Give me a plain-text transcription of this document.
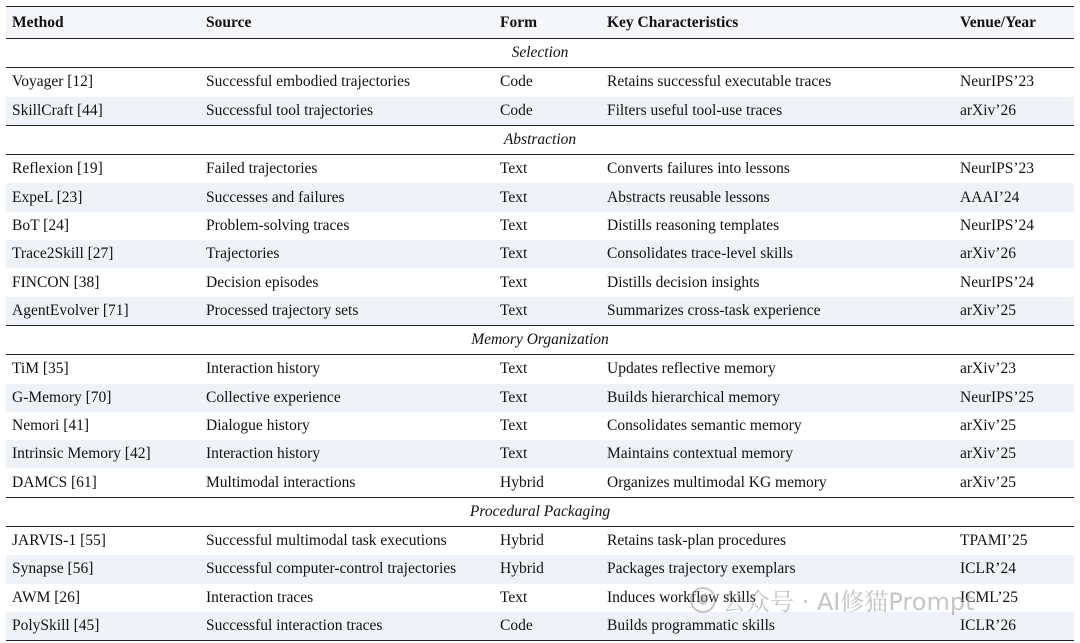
Method	Source	Form	Key Characteristics	Venue/Year
Selection				
Voyager [12]	Successful embodied trajectories	Code	Retains successful executable traces	NeurIPS’23
SkillCraft [44]	Successful tool trajectories	Code	Filters useful tool-use traces	arXiv’26
Abstraction				
Reflexion [19]	Failed trajectories	Text	Converts failures into lessons	NeurIPS’23
ExpeL [23]	Successes and failures	Text	Abstracts reusable lessons	AAAI’24
BoT [24]	Problem-solving traces	Text	Distills reasoning templates	NeurIPS’24
Trace2Skill [27]	Trajectories	Text	Consolidates trace-level skills	arXiv’26
FINCON [38]	Decision episodes	Text	Distills decision insights	NeurIPS’24
AgentEvolver [71]	Processed trajectory sets	Text	Summarizes cross-task experience	arXiv’25
Memory Organization				
TiM [35]	Interaction history	Text	Updates reflective memory	arXiv’23
G-Memory [70]	Collective experience	Text	Builds hierarchical memory	NeurIPS’25
Nemori [41]	Dialogue history	Text	Consolidates semantic memory	arXiv’25
Intrinsic Memory [42]	Interaction history	Text	Maintains contextual memory	arXiv’25
DAMCS [61]	Multimodal interactions	Hybrid	Organizes multimodal KG memory	arXiv’25
Procedural Packaging				
JARVIS-1 [55]	Successful multimodal task executions	Hybrid	Retains task-plan procedures	TPAMI’25
Synapse [56]	Successful computer-control trajectories	Hybrid	Packages trajectory exemplars	ICLR’24
AWM [26]	Interaction traces	Text	Induces workflow skills	ICML’25
PolySkill [45]	Successful interaction traces	Code	Builds programmatic skills	ICLR’26
公众号 · AI修猫Prompt
